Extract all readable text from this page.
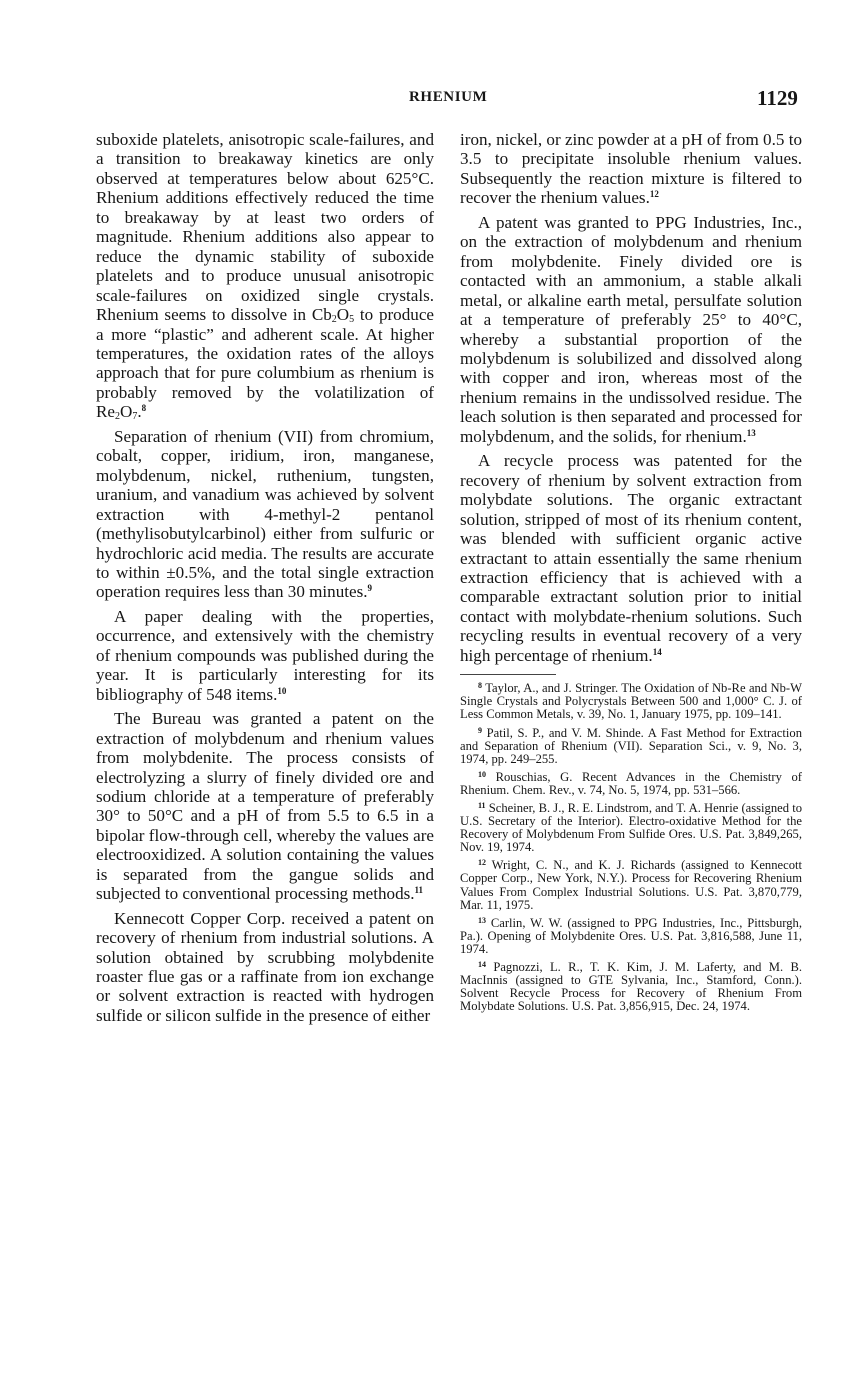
RHENIUM	1129

suboxide platelets, anisotropic scale-failures, and a transition to breakaway kinetics are only observed at temperatures below about 625°C. Rhenium additions effectively reduced the time to breakaway by at least two orders of magnitude. Rhenium additions also appear to reduce the dynamic stability of suboxide platelets and to produce unusual anisotropic scale-failures on oxidized single crystals. Rhenium seems to dissolve in $Cb_2O_5$ to produce a more “plastic” and adherent scale. At higher temperatures, the oxidation rates of the alloys approach that for pure columbium as rhenium is probably removed by the volatilization of $Re_2O_7.^8$

Separation of rhenium (VII) from chromium, cobalt, copper, iridium, iron, manganese, molybdenum, nickel, ruthenium, tungsten, uranium, and vanadium was achieved by solvent extraction with 4-methyl-2 pentanol (methylisobutylcarbinol) either from sulfuric or hydrochloric acid media. The results are accurate to within ±0.5%, and the total single extraction operation requires less than 30 minutes.$^9$

A paper dealing with the properties, occurrence, and extensively with the chemistry of rhenium compounds was published during the year. It is particularly interesting for its bibliography of 548 items.$^{10}$

The Bureau was granted a patent on the extraction of molybdenum and rhenium values from molybdenite. The process consists of electrolyzing a slurry of finely divided ore and sodium chloride at a temperature of preferably 30° to 50°C and a pH of from 5.5 to 6.5 in a bipolar flow-through cell, whereby the values are electrooxidized. A solution containing the values is separated from the gangue solids and subjected to conventional processing methods.$^{11}$

Kennecott Copper Corp. received a patent on recovery of rhenium from industrial solutions. A solution obtained by scrubbing molybdenite roaster flue gas or a raffinate from ion exchange or solvent extraction is reacted with hydrogen sulfide or silicon sulfide in the presence of either

iron, nickel, or zinc powder at a pH of from 0.5 to 3.5 to precipitate insoluble rhenium values. Subsequently the reaction mixture is filtered to recover the rhenium values.$^{12}$

A patent was granted to PPG Industries, Inc., on the extraction of molybdenum and rhenium from molybdenite. Finely divided ore is contacted with an ammonium, a stable alkali metal, or alkaline earth metal, persulfate solution at a temperature of preferably 25° to 40°C, whereby a substantial proportion of the molybdenum is solubilized and dissolved along with copper and iron, whereas most of the rhenium remains in the undissolved residue. The leach solution is then separated and processed for molybdenum, and the solids, for rhenium.$^{13}$

A recycle process was patented for the recovery of rhenium by solvent extraction from molybdate solutions. The organic extractant solution, stripped of most of its rhenium content, was blended with sufficient organic active extractant to attain essentially the same rhenium extraction efficiency that is achieved with a comparable extractant solution prior to initial contact with molybdate-rhenium solutions. Such recycling results in eventual recovery of a very high percentage of rhenium.$^{14}$

$^8$ Taylor, A., and J. Stringer. The Oxidation of Nb-Re and Nb-W Single Crystals and Polycrystals Between 500 and 1,000° C. J. of Less Common Metals, v. 39, No. 1, January 1975, pp. 109–141.

$^9$ Patil, S. P., and V. M. Shinde. A Fast Method for Extraction and Separation of Rhenium (VII). Separation Sci., v. 9, No. 3, 1974, pp. 249–255.

$^{10}$ Rouschias, G. Recent Advances in the Chemistry of Rhenium. Chem. Rev., v. 74, No. 5, 1974, pp. 531–566.

$^{11}$ Scheiner, B. J., R. E. Lindstrom, and T. A. Henrie (assigned to U.S. Secretary of the Interior). Electro-oxidative Method for the Recovery of Molybdenum From Sulfide Ores. U.S. Pat. 3,849,265, Nov. 19, 1974.

$^{12}$ Wright, C. N., and K. J. Richards (assigned to Kennecott Copper Corp., New York, N.Y.). Process for Recovering Rhenium Values From Complex Industrial Solutions. U.S. Pat. 3,870,779, Mar. 11, 1975.

$^{13}$ Carlin, W. W. (assigned to PPG Industries, Inc., Pittsburgh, Pa.). Opening of Molybdenite Ores. U.S. Pat. 3,816,588, June 11, 1974.

$^{14}$ Pagnozzi, L. R., T. K. Kim, J. M. Laferty, and M. B. MacInnis (assigned to GTE Sylvania, Inc., Stamford, Conn.). Solvent Recycle Process for Recovery of Rhenium From Molybdate Solutions. U.S. Pat. 3,856,915, Dec. 24, 1974.
